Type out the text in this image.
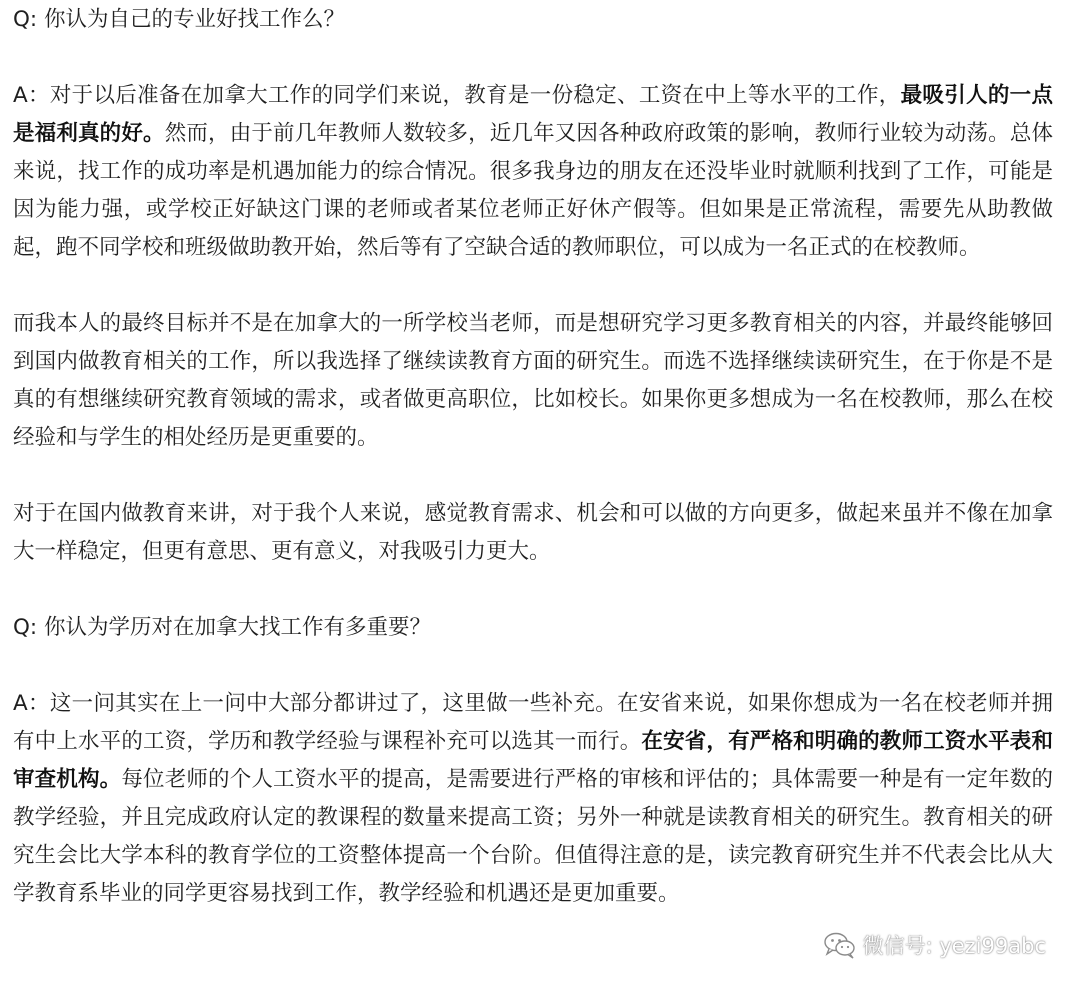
Q: 你认为自己的专业好找工作么？

A：对于以后准备在加拿大工作的同学们来说，教育是一份稳定、工资在中上等水平的工作，最吸引人的一点是福利真的好。然而，由于前几年教师人数较多，近几年又因各种政府政策的影响，教师行业较为动荡。总体来说，找工作的成功率是机遇加能力的综合情况。很多我身边的朋友在还没毕业时就顺利找到了工作，可能是因为能力强，或学校正好缺这门课的老师或者某位老师正好休产假等。但如果是正常流程，需要先从助教做起，跑不同学校和班级做助教开始，然后等有了空缺合适的教师职位，可以成为一名正式的在校教师。

而我本人的最终目标并不是在加拿大的一所学校当老师，而是想研究学习更多教育相关的内容，并最终能够回到国内做教育相关的工作，所以我选择了继续读教育方面的研究生。而选不选择继续读研究生，在于你是不是真的有想继续研究教育领域的需求，或者做更高职位，比如校长。如果你更多想成为一名在校教师，那么在校经验和与学生的相处经历是更重要的。

对于在国内做教育来讲，对于我个人来说，感觉教育需求、机会和可以做的方向更多，做起来虽并不像在加拿大一样稳定，但更有意思、更有意义，对我吸引力更大。

Q: 你认为学历对在加拿大找工作有多重要？

A：这一问其实在上一问中大部分都讲过了，这里做一些补充。在安省来说，如果你想成为一名在校老师并拥有中上水平的工资，学历和教学经验与课程补充可以选其一而行。在安省，有严格和明确的教师工资水平表和审查机构。每位老师的个人工资水平的提高，是需要进行严格的审核和评估的；具体需要一种是有一定年数的教学经验，并且完成政府认定的教课程的数量来提高工资；另外一种就是读教育相关的研究生。教育相关的研究生会比大学本科的教育学位的工资整体提高一个台阶。但值得注意的是，读完教育研究生并不代表会比从大学教育系毕业的同学更容易找到工作，教学经验和机遇还是更加重要。

微信号: yezi99abc
